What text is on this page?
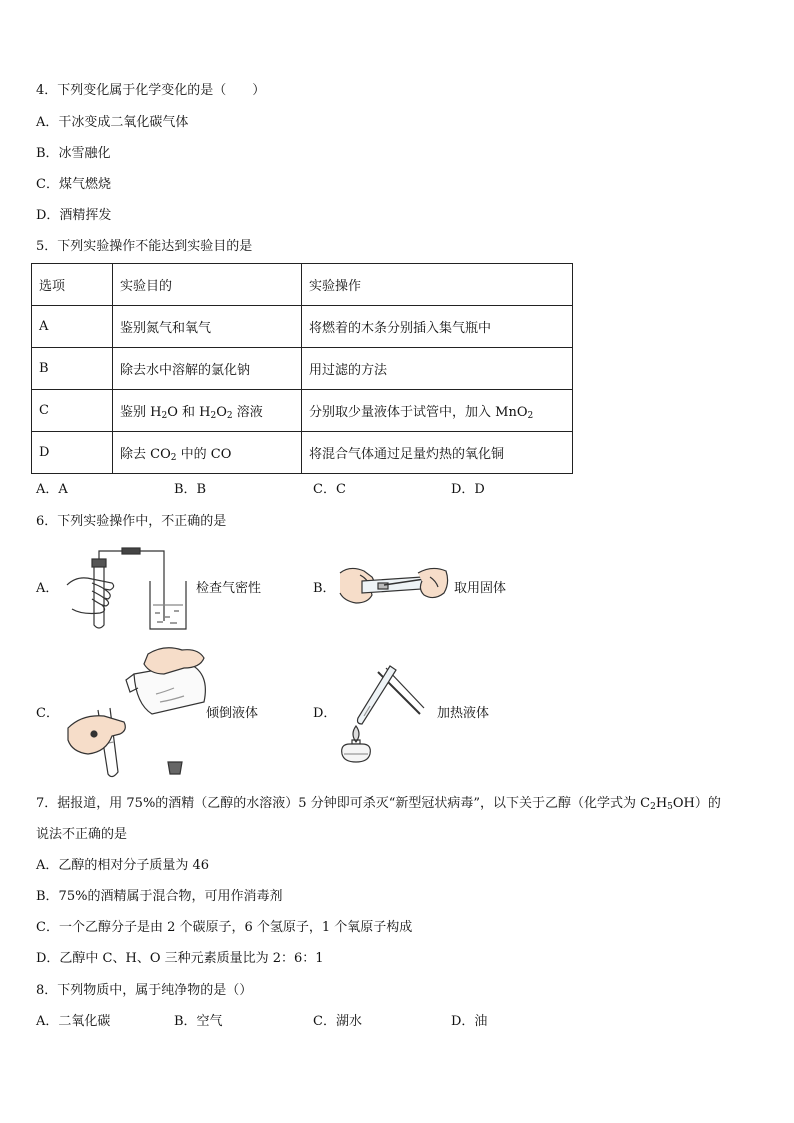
4．下列变化属于化学变化的是（　　）
A．干冰变成二氧化碳气体
B．冰雪融化
C．煤气燃烧
D．酒精挥发
5．下列实验操作不能达到实验目的是
选项	实验目的	实验操作
A	鉴别氮气和氧气	将燃着的木条分别插入集气瓶中
B	除去水中溶解的氯化钠	用过滤的方法
C	鉴别 $H_2O$ 和 $H_2O_2$ 溶液	分别取少量液体于试管中，加入 MnO$_2$
D	除去 $CO_2$ 中的 CO	将混合气体通过足量灼热的氧化铜
A．A	B．B	C．C	D．D
6．下列实验操作中，不正确的是
A．	检查气密性	B．	取用固体
C．	倾倒液体	D．	加热液体
7．据报道，用 75%的酒精（乙醇的水溶液）5 分钟即可杀灭“新型冠状病毒”，以下关于乙醇（化学式为 $C_2H_5OH$）的
说法不正确的是
A．乙醇的相对分子质量为 46
B．75%的酒精属于混合物，可用作消毒剂
C．一个乙醇分子是由 2 个碳原子，6 个氢原子，1 个氧原子构成
D．乙醇中 C、H、O 三种元素质量比为 2：6：1
8．下列物质中，属于纯净物的是（）
A．二氧化碳	B．空气	C．湖水	D．油
